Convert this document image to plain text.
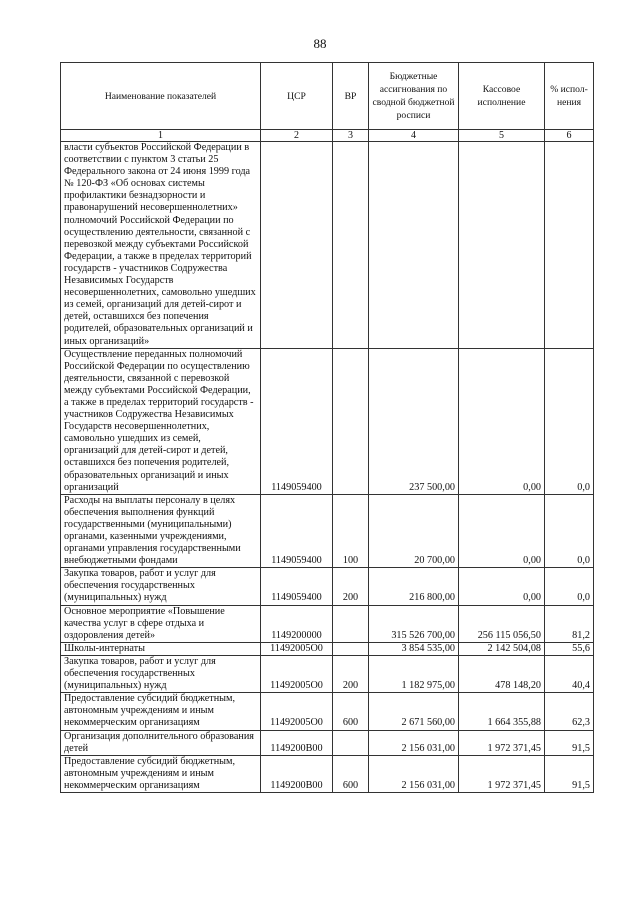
88
Наименование показателей	ЦСР	ВР	Бюджетные ассигнования по сводной бюджетной росписи	Кассовое исполнение	% испол-нения
1	2	3	4	5	6
власти субъектов Российской Федерации в соответствии с пунктом 3 статьи 25 Федерального закона от 24 июня 1999 года № 120-ФЗ «Об основах системы профилактики безнадзорности и правонарушений несовершеннолетних» полномочий Российской Федерации по осуществлению деятельности, связанной с перевозкой между субъектами Российской Федерации, а также в пределах территорий государств - участников Содружества Независимых Государств несовершеннолетних, самовольно ушедших из семей, организаций для детей-сирот и детей, оставшихся без попечения родителей, образовательных организаций и иных организаций»					
Осуществление переданных полномочий Российской Федерации по осуществлению деятельности, связанной с перевозкой между субъектами Российской Федерации, а также в пределах территорий государств - участников Содружества Независимых Государств несовершеннолетних, самовольно ушедших из семей, организаций для детей-сирот и детей, оставшихся без попечения родителей, образовательных организаций и иных организаций	1149059400		237 500,00	0,00	0,0
Расходы на выплаты персоналу в целях обеспечения выполнения функций государственными (муниципальными) органами, казенными учреждениями, органами управления государственными внебюджетными фондами	1149059400	100	20 700,00	0,00	0,0
Закупка товаров, работ и услуг для обеспечения государственных (муниципальных) нужд	1149059400	200	216 800,00	0,00	0,0
Основное мероприятие «Повышение качества услуг в сфере отдыха и оздоровления детей»	1149200000		315 526 700,00	256 115 056,50	81,2
Школы-интернаты	11492005О0		3 854 535,00	2 142 504,08	55,6
Закупка товаров, работ и услуг для обеспечения государственных (муниципальных) нужд	11492005О0	200	1 182 975,00	478 148,20	40,4
Предоставление субсидий бюджетным, автономным учреждениям и иным некоммерческим организациям	11492005О0	600	2 671 560,00	1 664 355,88	62,3
Организация дополнительного образования детей	1149200В00		2 156 031,00	1 972 371,45	91,5
Предоставление субсидий бюджетным, автономным учреждениям и иным некоммерческим организациям	1149200В00	600	2 156 031,00	1 972 371,45	91,5
